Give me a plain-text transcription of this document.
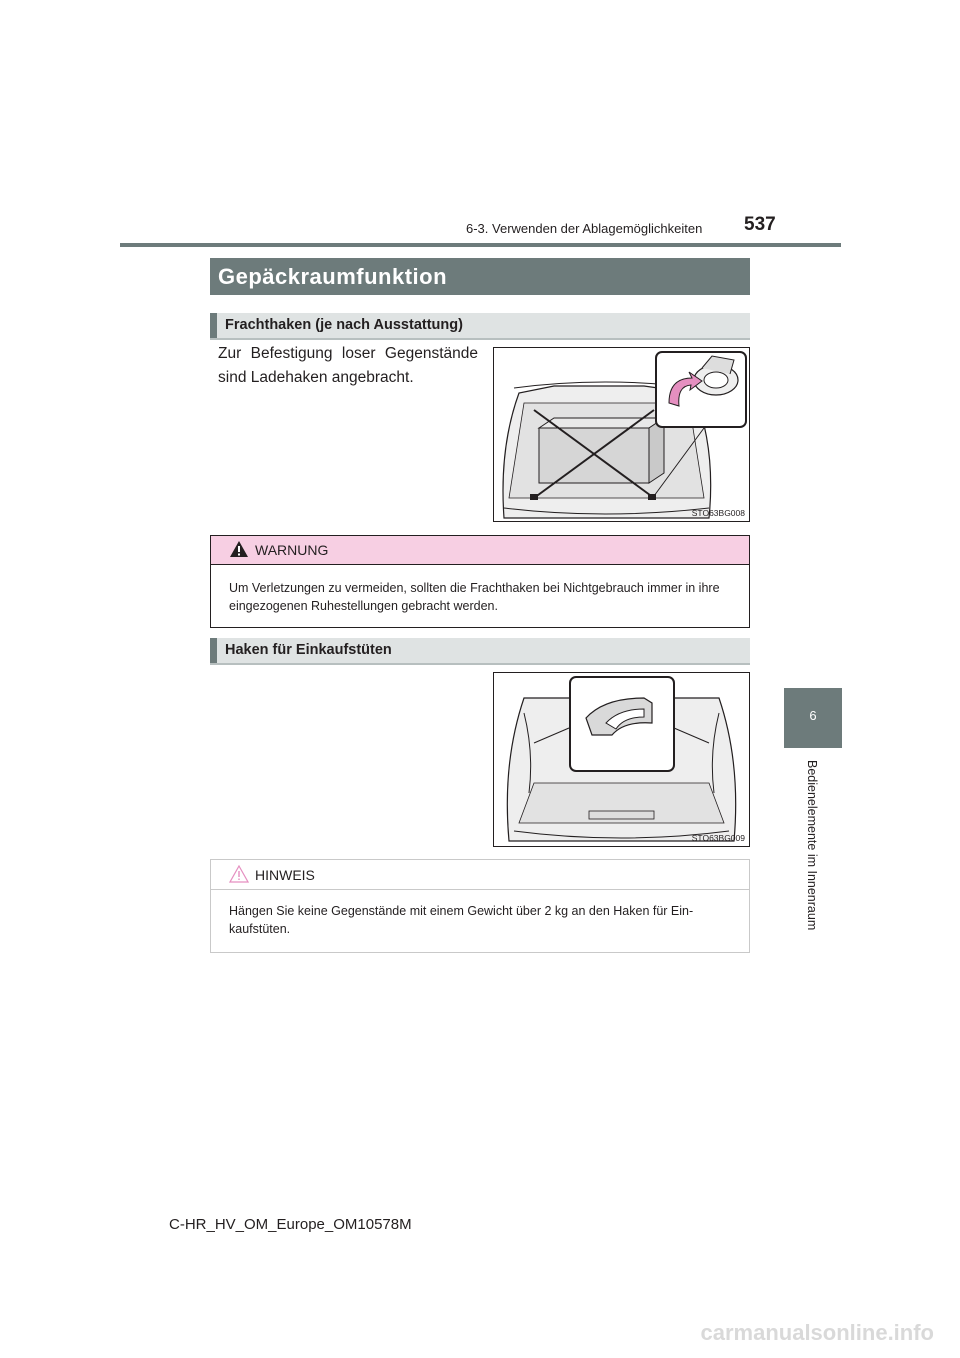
6-3. Verwenden der Ablagemöglichkeiten 537
6
Bedienelemente im Innenraum
Gepäckraumfunktion
Frachthaken (je nach Ausstattung)
Zur Befestigung loser Gegenstände sind Ladehaken angebracht.
STO63BG008
WARNUNG
Um Verletzungen zu vermeiden, sollten die Frachthaken bei Nichtgebrauch immer in ihre eingezogenen Ruhestellungen gebracht werden.
Haken für Einkaufstüten
STO63BG009
HINWEIS
Hängen Sie keine Gegenstände mit einem Gewicht über 2 kg an den Haken für Ein-kaufstüten.
C-HR_HV_OM_Europe_OM10578M
carmanualsonline.info
